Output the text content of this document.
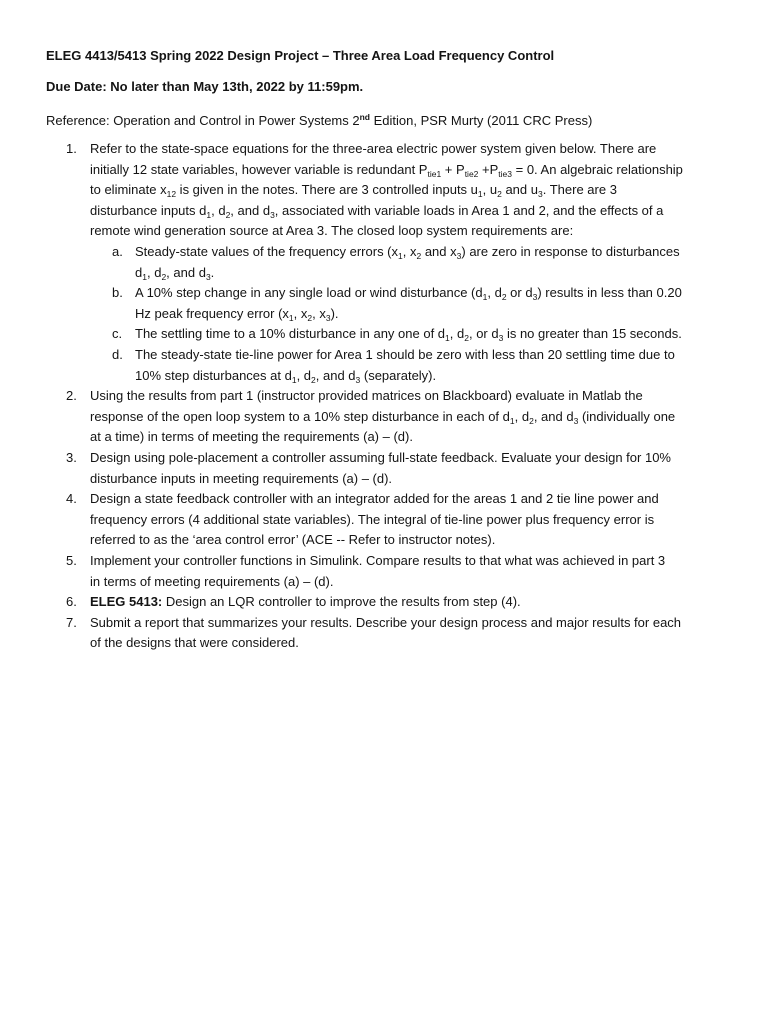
ELEG 4413/5413 Spring 2022 Design Project – Three Area Load Frequency Control
Due Date: No later than May 13th, 2022 by 11:59pm.
Reference: Operation and Control in Power Systems 2nd Edition, PSR Murty (2011 CRC Press)
1.	Refer to the state-space equations for the three-area electric power system given below. There are
initially 12 state variables, however variable is redundant $P_{tie1} + P_{tie2} +P_{tie3} = 0$. An algebraic relationship
to eliminate $x_{12}$ is given in the notes. There are 3 controlled inputs $u_1$, $u_2$ and $u_3$. There are 3
disturbance inputs $d_1$, $d_2$, and $d_3$, associated with variable loads in Area 1 and 2, and the effects of a
remote wind generation source at Area 3. The closed loop system requirements are:
a. Steady-state values of the frequency errors ($x_1$, $x_2$ and $x_3$) are zero in response to disturbances
$d_1$, $d_2$, and $d_3$.
b. A 10% step change in any single load or wind disturbance ($d_1$, $d_2$ or $d_3$) results in less than 0.20
Hz peak frequency error ($x_1$, $x_2$, $x_3$).
c. The settling time to a 10% disturbance in any one of $d_1$, $d_2$, or $d_3$ is no greater than 15 seconds.
d. The steady-state tie-line power for Area 1 should be zero with less than 20 settling time due to
10% step disturbances at $d_1$, $d_2$, and $d_3$ (separately).
2.	Using the results from part 1 (instructor provided matrices on Blackboard) evaluate in Matlab the
response of the open loop system to a 10% step disturbance in each of $d_1$, $d_2$, and $d_3$ (individually one
at a time) in terms of meeting the requirements (a) – (d).
3.	Design using pole-placement a controller assuming full-state feedback. Evaluate your design for 10%
disturbance inputs in meeting requirements (a) – (d).
4.	Design a state feedback controller with an integrator added for the areas 1 and 2 tie line power and
frequency errors (4 additional state variables). The integral of tie-line power plus frequency error is
referred to as the ‘area control error’ (ACE -- Refer to instructor notes).
5.	Implement your controller functions in Simulink. Compare results to that what was achieved in part 3
in terms of meeting requirements (a) – (d).
6.	ELEG 5413: Design an LQR controller to improve the results from step (4).
7.	Submit a report that summarizes your results. Describe your design process and major results for each
of the designs that were considered.
